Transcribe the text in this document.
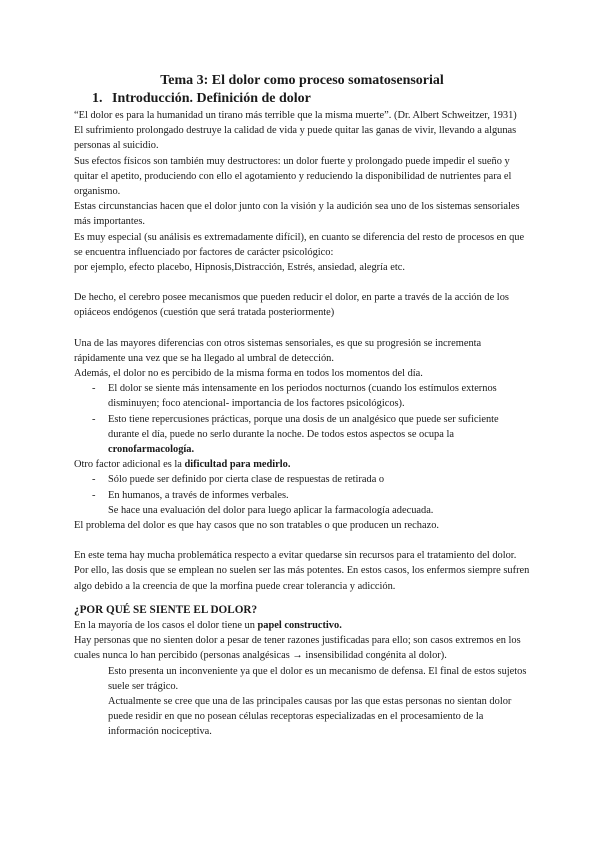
Tema 3: El dolor como proceso somatosensorial
1. Introducción. Definición de dolor

“El dolor es para la humanidad un tirano más terrible que la misma muerte”. (Dr. Albert Schweitzer, 1931)

El sufrimiento prolongado destruye la calidad de vida y puede quitar las ganas de vivir, llevando a algunas personas al suicidio.

Sus efectos físicos son también muy destructores: un dolor fuerte y prolongado puede impedir el sueño y quitar el apetito, produciendo con ello el agotamiento y reduciendo la disponibilidad de nutrientes para el organismo.

Estas circunstancias hacen que el dolor junto con la visión y la audición sea uno de los sistemas sensoriales más importantes.

Es muy especial (su análisis es extremadamente difícil), en cuanto se diferencia del resto de procesos en que se encuentra influenciado por factores de carácter psicológico:

por ejemplo, efecto placebo, Hipnosis,Distracción, Estrés, ansiedad, alegría etc.

De hecho, el cerebro posee mecanismos que pueden reducir el dolor, en parte a través de la acción de los opiáceos endógenos (cuestión que será tratada posteriormente)

Una de las mayores diferencias con otros sistemas sensoriales, es que su progresión se incrementa rápidamente una vez que se ha llegado al umbral de detección.

Además, el dolor no es percibido de la misma forma en todos los momentos del día.

- El dolor se siente más intensamente en los periodos nocturnos (cuando los estímulos externos disminuyen; foco atencional- importancia de los factores psicológicos).
- Esto tiene repercusiones prácticas, porque una dosis de un analgésico que puede ser suficiente durante el día, puede no serlo durante la noche. De todos estos aspectos se ocupa la cronofarmacología.

Otro factor adicional es la dificultad para medirlo.

- Sólo puede ser definido por cierta clase de respuestas de retirada o
- En humanos, a través de informes verbales.

Se hace una evaluación del dolor para luego aplicar la farmacología adecuada.

El problema del dolor es que hay casos que no son tratables o que producen un rechazo.

En este tema hay mucha problemática respecto a evitar quedarse sin recursos para el tratamiento del dolor. Por ello, las dosis que se emplean no suelen ser las más potentes. En estos casos, los enfermos siempre sufren algo debido a la creencia de que la morfina puede crear tolerancia y adicción.

¿POR QUÉ SE SIENTE EL DOLOR?

En la mayoría de los casos el dolor tiene un papel constructivo.

Hay personas que no sienten dolor a pesar de tener razones justificadas para ello; son casos extremos en los cuales nunca lo han percibido (personas analgésicas → insensibilidad congénita al dolor).

Esto presenta un inconveniente ya que el dolor es un mecanismo de defensa. El final de estos sujetos suele ser trágico.

Actualmente se cree que una de las principales causas por las que estas personas no sientan dolor puede residir en que no posean células receptoras especializadas en el procesamiento de la información nociceptiva.
